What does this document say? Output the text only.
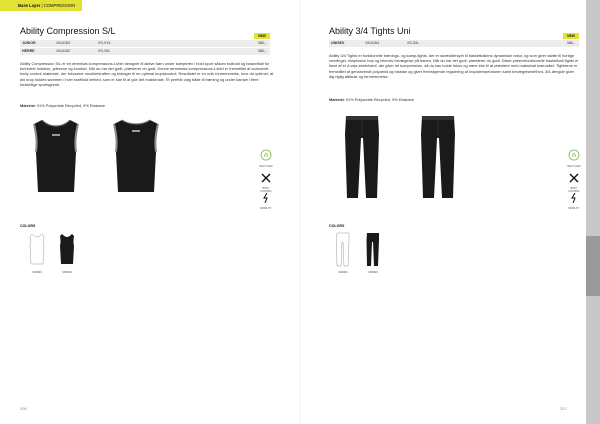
Base Layer | COMPRESSION
Ability Compression S/L	NEW
JUNIOR	1914163	XS-XXL	386,-
HERRE	1914162	XS-3XL	386,-
Ability Compression S/L er en ærmeløs kompressions-t-shirt designet til aktive børn under kamptræn i bold sport såsom fodbold og basketball for forbedret funktion, ydeevne og komfort. Når du har det godt, præsterer du godt. Denne ærmeløse kompressions-t-shirt er fremstillet af avanceret body-control-materiale, der fokuserer musklerkraften og bidrager til en optimal kropskontrol. Resultatet er en unik formemmelse, hvor du optimer, at din krop holdes sammen i hver kraftfuld helhed, som er klar til at yde det maksimale. Et perfekt valg både til træning og under kampe i flere forskellige sportsgrene.
Material: 91% Polyamide Recycled, 9% Elastane
RECYCLED
BODY CONTROL
MOBILITY
COLORS
999999	999999
206
Ability 3/4 Tights Uni	NEW
UNISEX	1914164	XS-3XL	386,-
Ability 3/4 Tights er funktionelle trænings- og kamp-tights, der er skræddersyet til basketballens dynamiske natur, og som giver støtte til hurtige vendinger, eksplosive hop og intensiv bevægelse på banen. Når du har det godt, præsterer du godt. Disse ydeevnfunktionelle basketball-tights er lavet af et 4-vejs-stretchstof, der giver let kompression, så du kan holde fokus og være klar til at præstere med maksimal kraeusitet. Tightsene er fremstillet af genanvendt polyamid og elastan og giver fremragende regulering af kropstemperaturen samt bevægelsesfrihed. 3/4-længde giver dig rigtig attitude og formemmelse.
Material: 91% Polyamide Recycled, 9% Elastane
RECYCLED
BODY CONTROL
MOBILITY
COLORS
900000	999999
207
Baselayer
